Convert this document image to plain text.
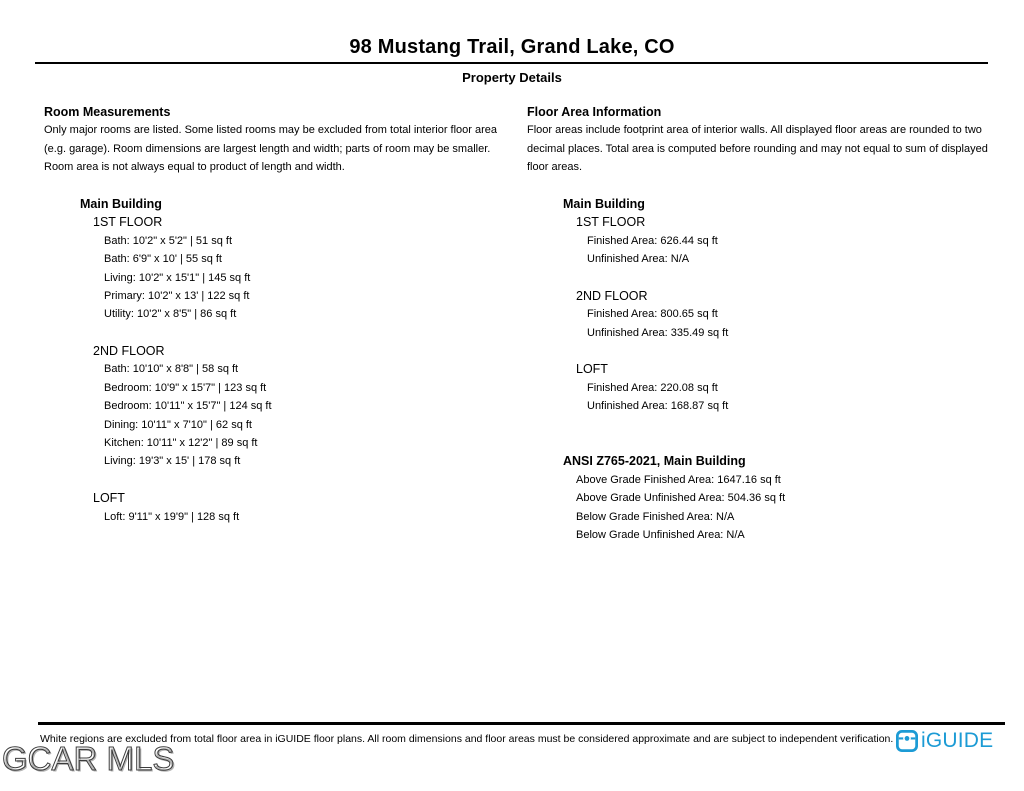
98 Mustang Trail, Grand Lake, CO
Property Details
Room Measurements
Only major rooms are listed. Some listed rooms may be excluded from total interior floor area
(e.g. garage). Room dimensions are largest length and width; parts of room may be smaller.
Room area is not always equal to product of length and width.
Main Building
1ST FLOOR
Bath: 10'2" x 5'2" | 51 sq ft
Bath: 6'9" x 10' | 55 sq ft
Living: 10'2" x 15'1" | 145 sq ft
Primary: 10'2" x 13' | 122 sq ft
Utility: 10'2" x 8'5" | 86 sq ft
2ND FLOOR
Bath: 10'10" x 8'8" | 58 sq ft
Bedroom: 10'9" x 15'7" | 123 sq ft
Bedroom: 10'11" x 15'7" | 124 sq ft
Dining: 10'11" x 7'10" | 62 sq ft
Kitchen: 10'11" x 12'2" | 89 sq ft
Living: 19'3" x 15' | 178 sq ft
LOFT
Loft: 9'11" x 19'9" | 128 sq ft
Floor Area Information
Floor areas include footprint area of interior walls. All displayed floor areas are rounded to two
decimal places. Total area is computed before rounding and may not equal to sum of displayed
floor areas.
Main Building
1ST FLOOR
Finished Area: 626.44 sq ft
Unfinished Area: N/A
2ND FLOOR
Finished Area: 800.65 sq ft
Unfinished Area: 335.49 sq ft
LOFT
Finished Area: 220.08 sq ft
Unfinished Area: 168.87 sq ft
ANSI Z765-2021, Main Building
Above Grade Finished Area: 1647.16 sq ft
Above Grade Unfinished Area: 504.36 sq ft
Below Grade Finished Area: N/A
Below Grade Unfinished Area: N/A
White regions are excluded from total floor area in iGUIDE floor plans. All room dimensions and floor areas must be considered approximate and are subject to independent verification.
GCAR MLS	iGUIDE
